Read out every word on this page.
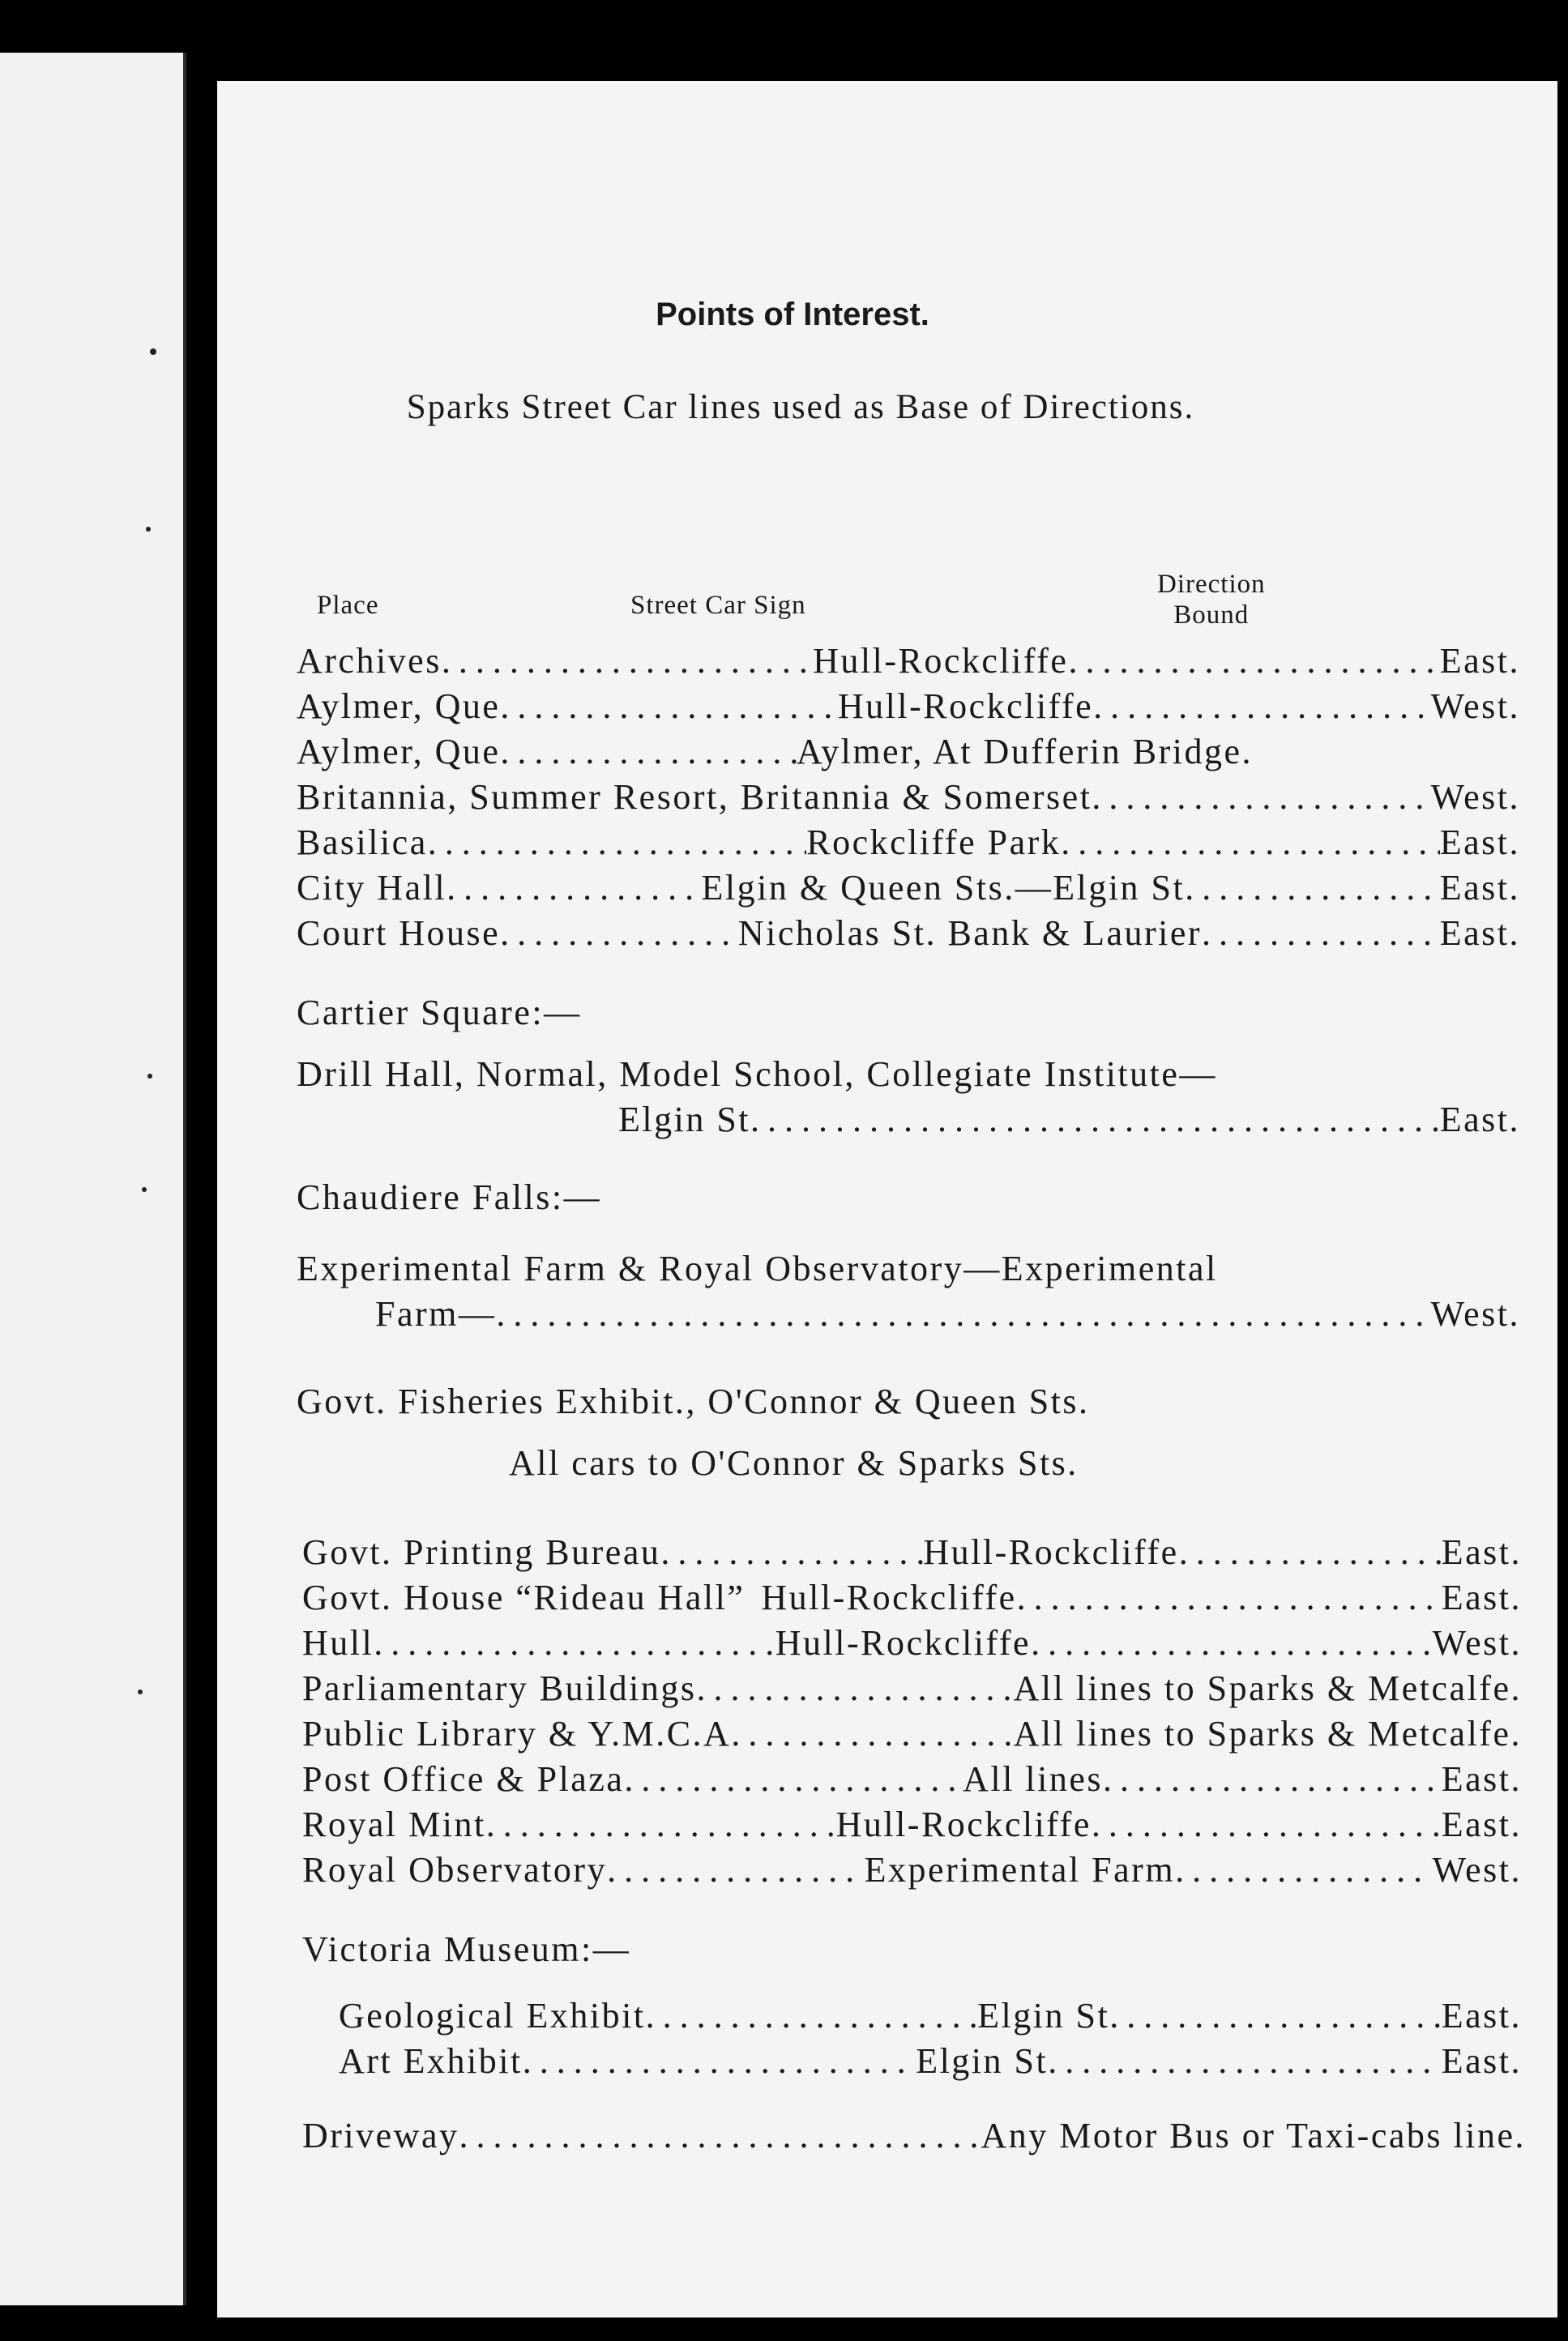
Points of Interest.
Sparks Street Car lines used as Base of Directions.
Place	Street Car Sign
Direction
Bound
Archives .....	Hull-Rockcliffe .....	East.
Aylmer, Que .....	Hull-Rockcliffe .....	West.
Aylmer, Que .....	Aylmer, At Dufferin Bridge.
Britannia, Summer Resort, Britannia & Somerset .....	West.
Basilica .....	Rockcliffe Park .....	East.
City Hall .....	Elgin & Queen Sts.—Elgin St .....	East.
Court House .....	Nicholas St. Bank & Laurier .....	East.
Cartier Square:—
Drill Hall, Normal, Model School, Collegiate Institute—
Elgin St .....	East.
Chaudiere Falls:—
Experimental Farm & Royal Observatory—Experimental
Farm— .....	West.
Govt. Fisheries Exhibit., O'Connor & Queen Sts.
All cars to O'Connor & Sparks Sts.
Govt. Printing Bureau .....	Hull-Rockcliffe .....	East.
Govt. House “Rideau Hall” Hull-Rockcliffe .....	East.
Hull .....	Hull-Rockcliffe .....	West.
Parliamentary Buildings .....	All lines to Sparks & Metcalfe.
Public Library & Y.M.C.A .....	All lines to Sparks & Metcalfe.
Post Office & Plaza .....	All lines .....	East.
Royal Mint .....	Hull-Rockcliffe .....	East.
Royal Observatory .....	Experimental Farm .....	West.
Victoria Museum:—
Geological Exhibit .....	Elgin St .....	East.
Art Exhibit .....	Elgin St .....	East.
Driveway .....	Any Motor Bus or Taxi-cabs line.
